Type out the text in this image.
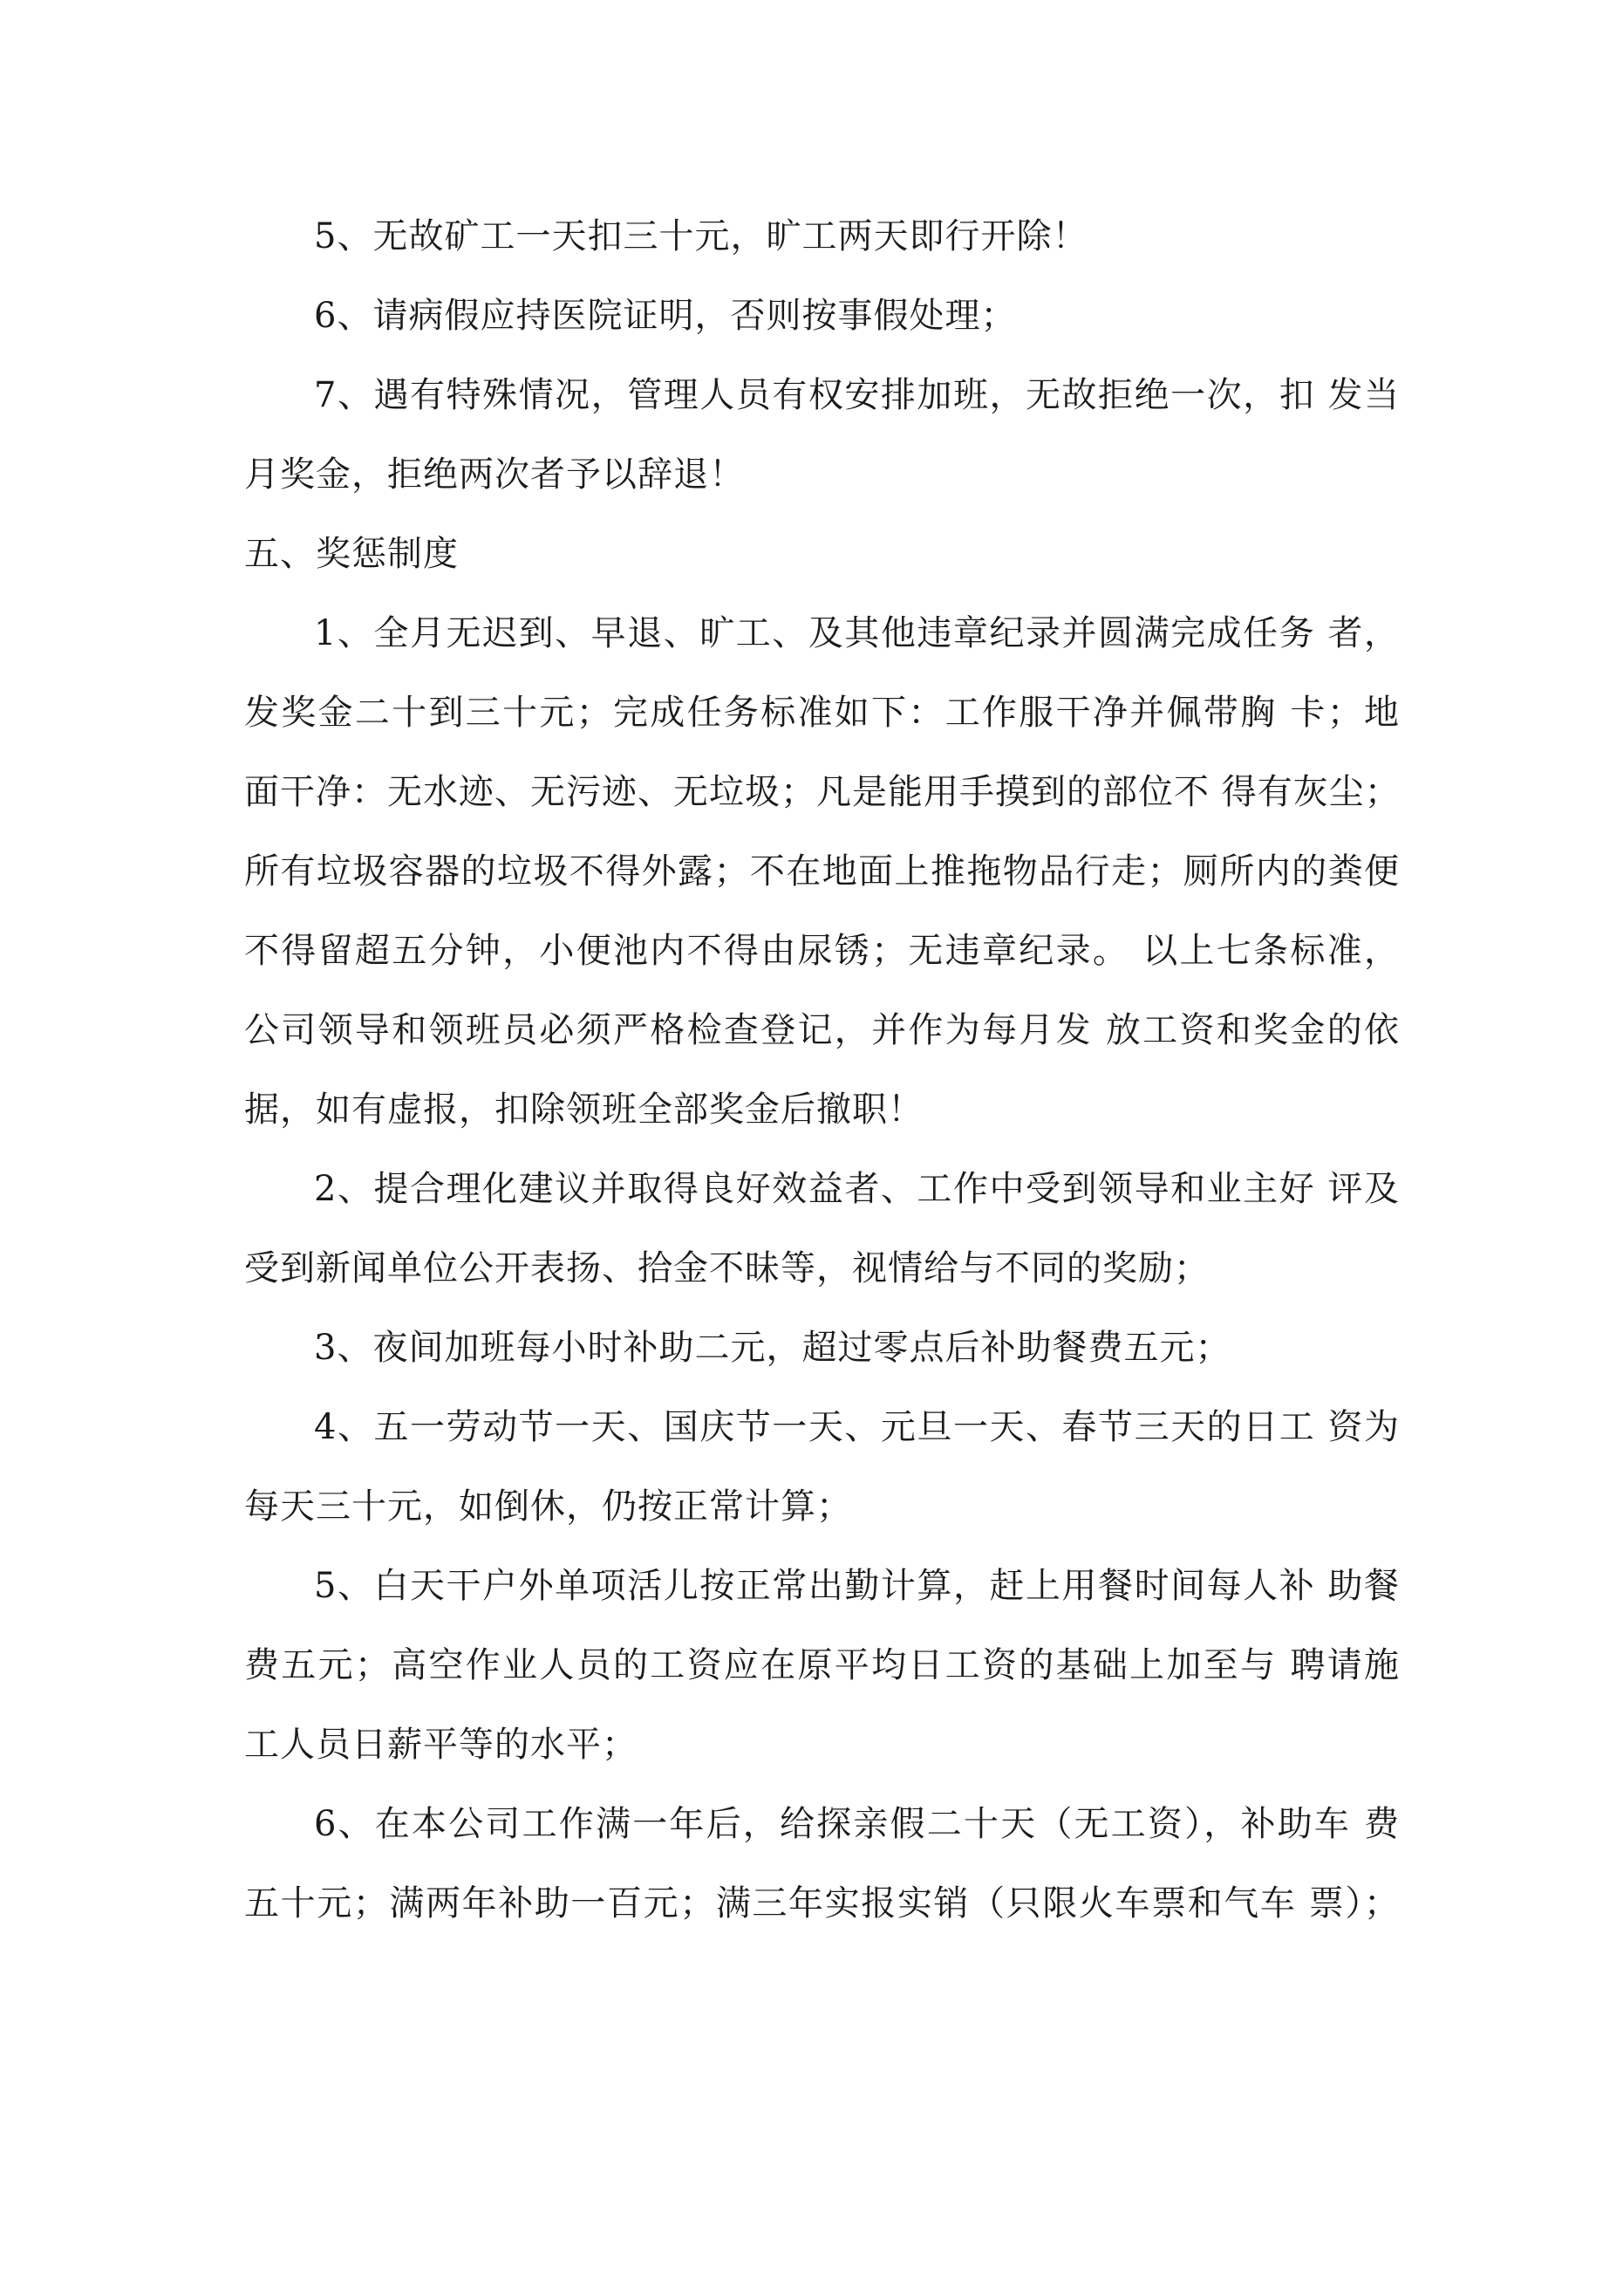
5、无故矿工一天扣三十元，旷工两天即行开除！
6、请病假应持医院证明，否则按事假处理；
7、遇有特殊情况，管理人员有权安排加班，无故拒绝一次，扣 发当
月奖金，拒绝两次者予以辞退！
五、奖惩制度
1、全月无迟到、早退、旷工、及其他违章纪录并圆满完成任务 者，
发奖金二十到三十元；完成任务标准如下：工作服干净并佩带胸 卡；地
面干净：无水迹、无污迹、无垃圾；凡是能用手摸到的部位不 得有灰尘；
所有垃圾容器的垃圾不得外露；不在地面上推拖物品行走；厕所内的粪便
不得留超五分钟，小便池内不得由尿锈；无违章纪录。 以上七条标准，
公司领导和领班员必须严格检查登记，并作为每月发 放工资和奖金的依
据，如有虚报，扣除领班全部奖金后撤职！
2、提合理化建议并取得良好效益者、工作中受到领导和业主好 评及
受到新闻单位公开表扬、拾金不昧等，视情给与不同的奖励；
3、夜间加班每小时补助二元，超过零点后补助餐费五元；
4、五一劳动节一天、国庆节一天、元旦一天、春节三天的日工 资为
每天三十元，如倒休，仍按正常计算；
5、白天干户外单项活儿按正常出勤计算，赶上用餐时间每人补 助餐
费五元；高空作业人员的工资应在原平均日工资的基础上加至与 聘请施
工人员日薪平等的水平；
6、在本公司工作满一年后，给探亲假二十天（无工资），补助车 费
五十元；满两年补助一百元；满三年实报实销（只限火车票和气车 票）；
